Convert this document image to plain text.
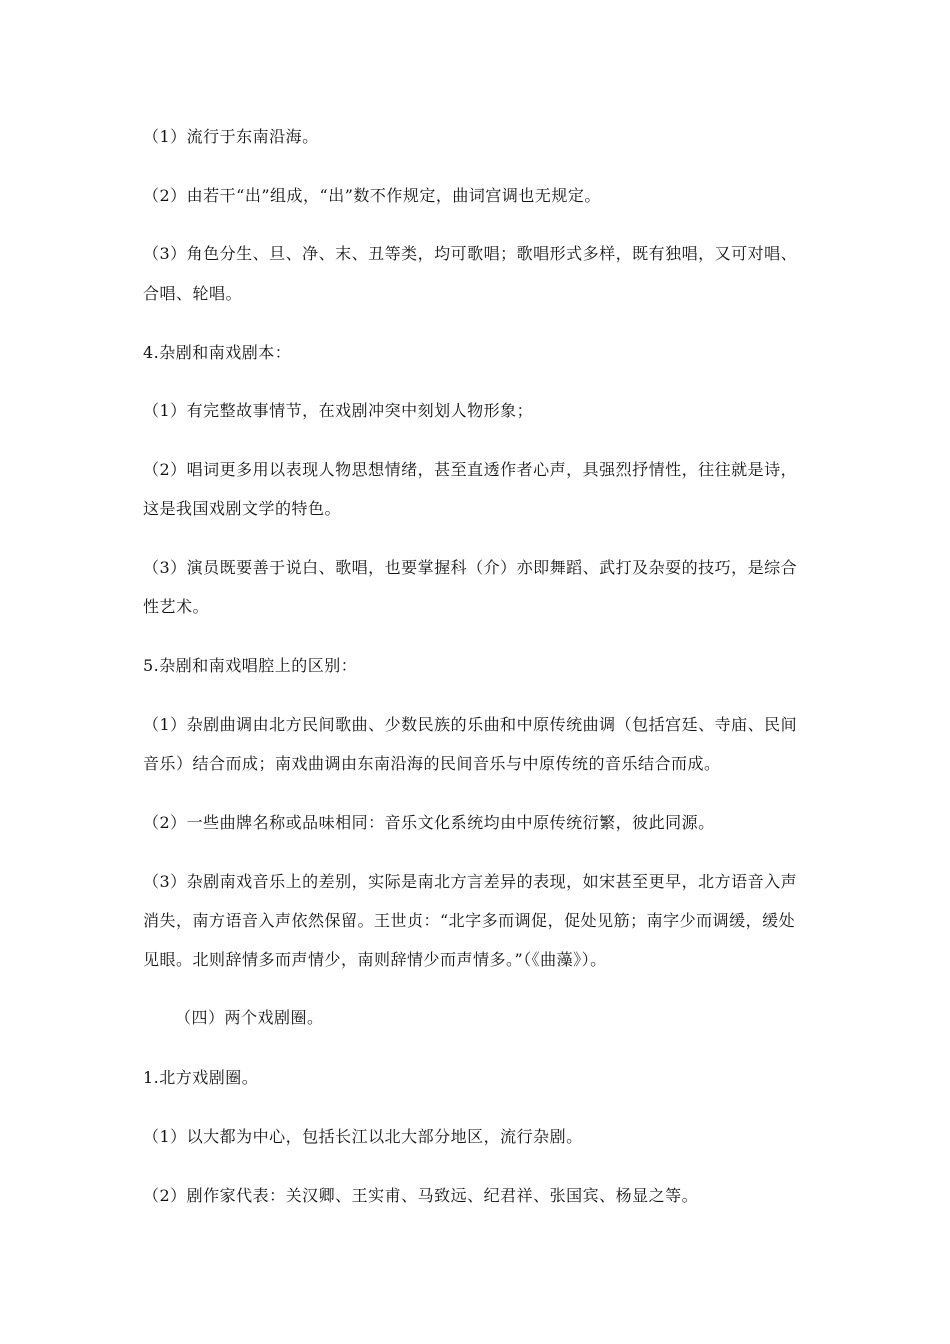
（1）流行于东南沿海。
（2）由若干“出”组成，“出”数不作规定，曲词宫调也无规定。
（3）角色分生、旦、净、末、丑等类，均可歌唱；歌唱形式多样，既有独唱，又可对唱、
合唱、轮唱。
4.杂剧和南戏剧本：
（1）有完整故事情节，在戏剧冲突中刻划人物形象；
（2）唱词更多用以表现人物思想情绪，甚至直透作者心声，具强烈抒情性，往往就是诗，
这是我国戏剧文学的特色。
（3）演员既要善于说白、歌唱，也要掌握科（介）亦即舞蹈、武打及杂耍的技巧，是综合
性艺术。
5.杂剧和南戏唱腔上的区别：
（1）杂剧曲调由北方民间歌曲、少数民族的乐曲和中原传统曲调（包括宫廷、寺庙、民间
音乐）结合而成；南戏曲调由东南沿海的民间音乐与中原传统的音乐结合而成。
（2）一些曲牌名称或品味相同：音乐文化系统均由中原传统衍繁，彼此同源。
（3）杂剧南戏音乐上的差别，实际是南北方言差异的表现，如宋甚至更早，北方语音入声
消失，南方语音入声依然保留。王世贞：“北字多而调促，促处见筋；南字少而调缓，缓处
见眼。北则辞情多而声情少，南则辞情少而声情多。”（《曲藻》）。
（四）两个戏剧圈。
1.北方戏剧圈。
（1）以大都为中心，包括长江以北大部分地区，流行杂剧。
（2）剧作家代表：关汉卿、王实甫、马致远、纪君祥、张国宾、杨显之等。
